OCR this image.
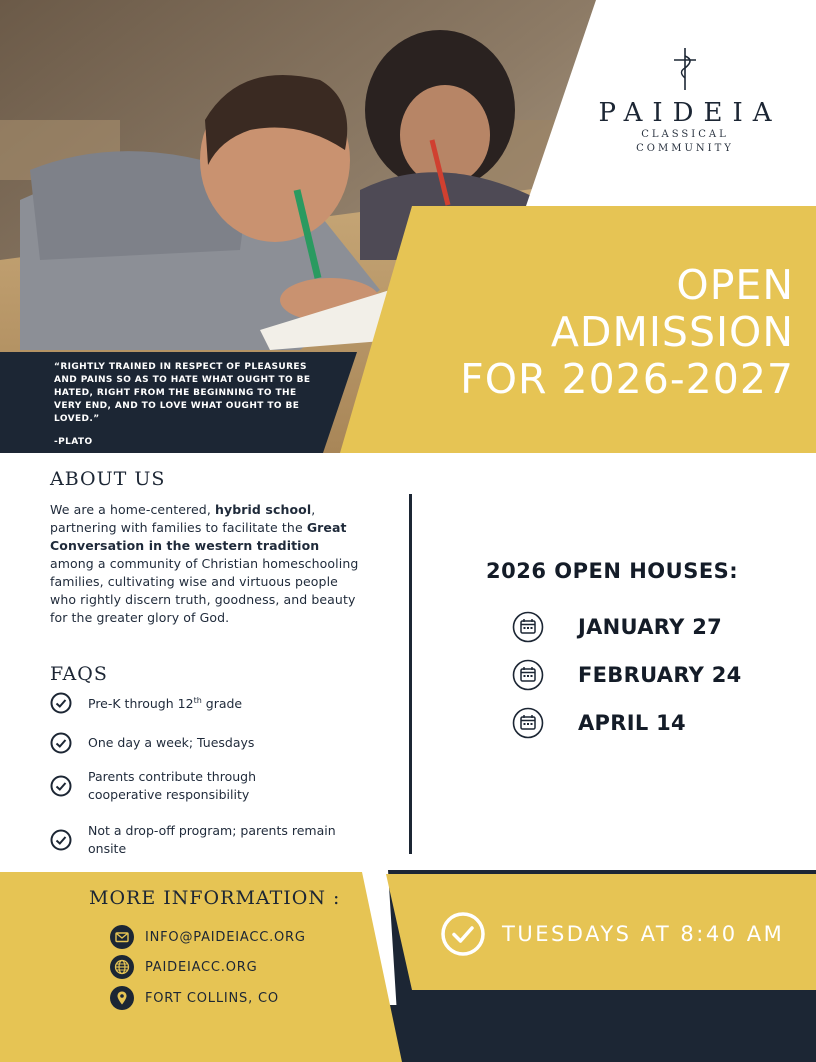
PAIDEIA
CLASSICAL
COMMUNITY
OPEN
ADMISSION
FOR 2026-2027
“RIGHTLY TRAINED IN RESPECT OF PLEASURES AND PAINS SO AS TO HATE WHAT OUGHT TO BE HATED, RIGHT FROM THE BEGINNING TO THE VERY END, AND TO LOVE WHAT OUGHT TO BE LOVED.”
-PLATO
ABOUT US
We are a home-centered, hybrid school, partnering with families to facilitate the Great Conversation in the western tradition among a community of Christian homeschooling families, cultivating wise and virtuous people who rightly discern truth, goodness, and beauty for the greater glory of God.
FAQS
Pre-K through 12th grade
One day a week; Tuesdays
Parents contribute through cooperative responsibility
Not a drop-off program; parents remain onsite
2026 OPEN HOUSES:
JANUARY 27
FEBRUARY 24
APRIL 14
MORE INFORMATION :
INFO@PAIDEIACC.ORG
PAIDEIACC.ORG
FORT COLLINS, CO
TUESDAYS AT 8:40 AM
